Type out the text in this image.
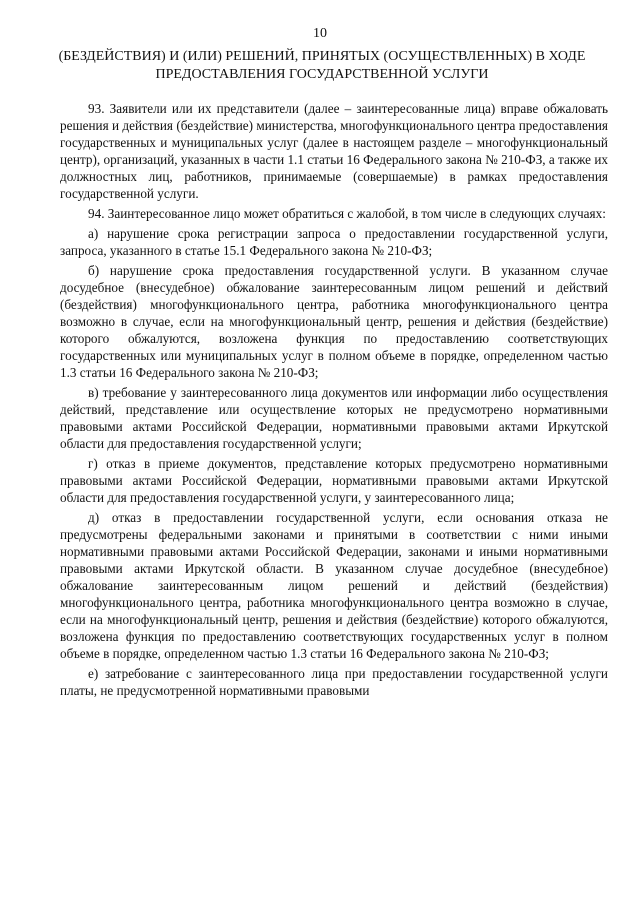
10
(БЕЗДЕЙСТВИЯ) И (ИЛИ) РЕШЕНИЙ, ПРИНЯТЫХ (ОСУЩЕСТВЛЕННЫХ) В ХОДЕ ПРЕДОСТАВЛЕНИЯ ГОСУДАРСТВЕННОЙ УСЛУГИ

93. Заявители или их представители (далее – заинтересованные лица) вправе обжаловать решения и действия (бездействие) министерства, многофункционального центра предоставления государственных и муниципальных услуг (далее в настоящем разделе – многофункциональный центр), организаций, указанных в части 1.1 статьи 16 Федерального закона № 210-ФЗ, а также их должностных лиц, работников, принимаемые (совершаемые) в рамках предоставления государственной услуги.

94. Заинтересованное лицо может обратиться с жалобой, в том числе в следующих случаях:

а) нарушение срока регистрации запроса о предоставлении государственной услуги, запроса, указанного в статье 15.1 Федерального закона № 210-ФЗ;

б) нарушение срока предоставления государственной услуги. В указанном случае досудебное (внесудебное) обжалование заинтересованным лицом решений и действий (бездействия) многофункционального центра, работника многофункционального центра возможно в случае, если на многофункциональный центр, решения и действия (бездействие) которого обжалуются, возложена функция по предоставлению соответствующих государственных или муниципальных услуг в полном объеме в порядке, определенном частью 1.3 статьи 16 Федерального закона № 210-ФЗ;

в) требование у заинтересованного лица документов или информации либо осуществления действий, представление или осуществление которых не предусмотрено нормативными правовыми актами Российской Федерации, нормативными правовыми актами Иркутской области для предоставления государственной услуги;

г) отказ в приеме документов, представление которых предусмотрено нормативными правовыми актами Российской Федерации, нормативными правовыми актами Иркутской области для предоставления государственной услуги, у заинтересованного лица;

д) отказ в предоставлении государственной услуги, если основания отказа не предусмотрены федеральными законами и принятыми в соответствии с ними иными нормативными правовыми актами Российской Федерации, законами и иными нормативными правовыми актами Иркутской области. В указанном случае досудебное (внесудебное) обжалование заинтересованным лицом решений и действий (бездействия) многофункционального центра, работника многофункционального центра возможно в случае, если на многофункциональный центр, решения и действия (бездействие) которого обжалуются, возложена функция по предоставлению соответствующих государственных услуг в полном объеме в порядке, определенном частью 1.3 статьи 16 Федерального закона № 210-ФЗ;

е) затребование с заинтересованного лица при предоставлении государственной услуги платы, не предусмотренной нормативными правовыми
